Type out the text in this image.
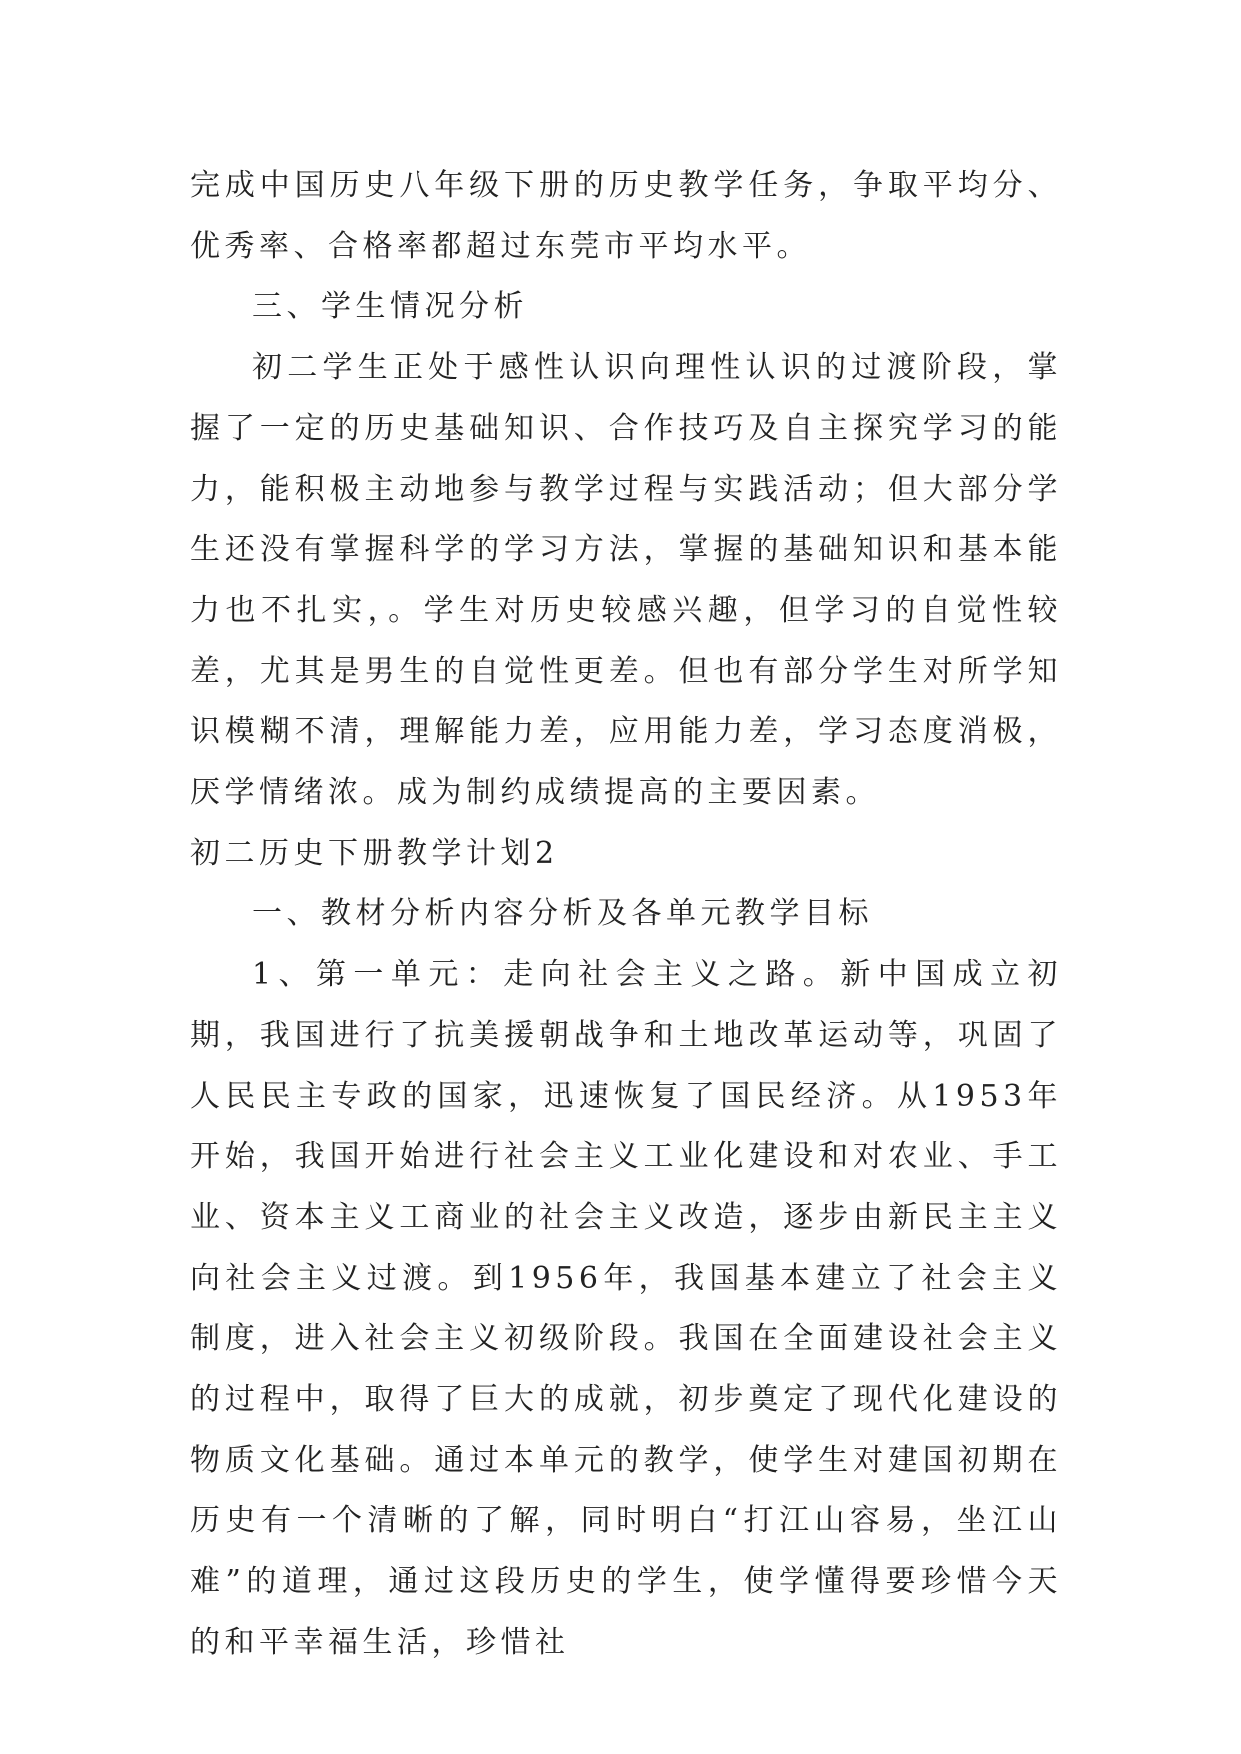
完成中国历史八年级下册的历史教学任务，争取平均分、优秀率、合格率都超过东莞市平均水平。

三、学生情况分析

初二学生正处于感性认识向理性认识的过渡阶段，掌握了一定的历史基础知识、合作技巧及自主探究学习的能力，能积极主动地参与教学过程与实践活动；但大部分学生还没有掌握科学的学习方法，掌握的基础知识和基本能力也不扎实，。学生对历史较感兴趣，但学习的自觉性较差，尤其是男生的自觉性更差。但也有部分学生对所学知识模糊不清，理解能力差，应用能力差，学习态度消极，厌学情绪浓。成为制约成绩提高的主要因素。

初二历史下册教学计划2

一、教材分析内容分析及各单元教学目标

1、第一单元：走向社会主义之路。新中国成立初期，我国进行了抗美援朝战争和土地改革运动等，巩固了人民民主专政的国家，迅速恢复了国民经济。从1953年开始，我国开始进行社会主义工业化建设和对农业、手工业、资本主义工商业的社会主义改造，逐步由新民主主义向社会主义过渡。到1956年，我国基本建立了社会主义制度，进入社会主义初级阶段。我国在全面建设社会主义的过程中，取得了巨大的成就，初步奠定了现代化建设的物质文化基础。通过本单元的教学，使学生对建国初期在历史有一个清晰的了解，同时明白“打江山容易，坐江山难”的道理，通过这段历史的学生，使学懂得要珍惜今天的和平幸福生活，珍惜社
